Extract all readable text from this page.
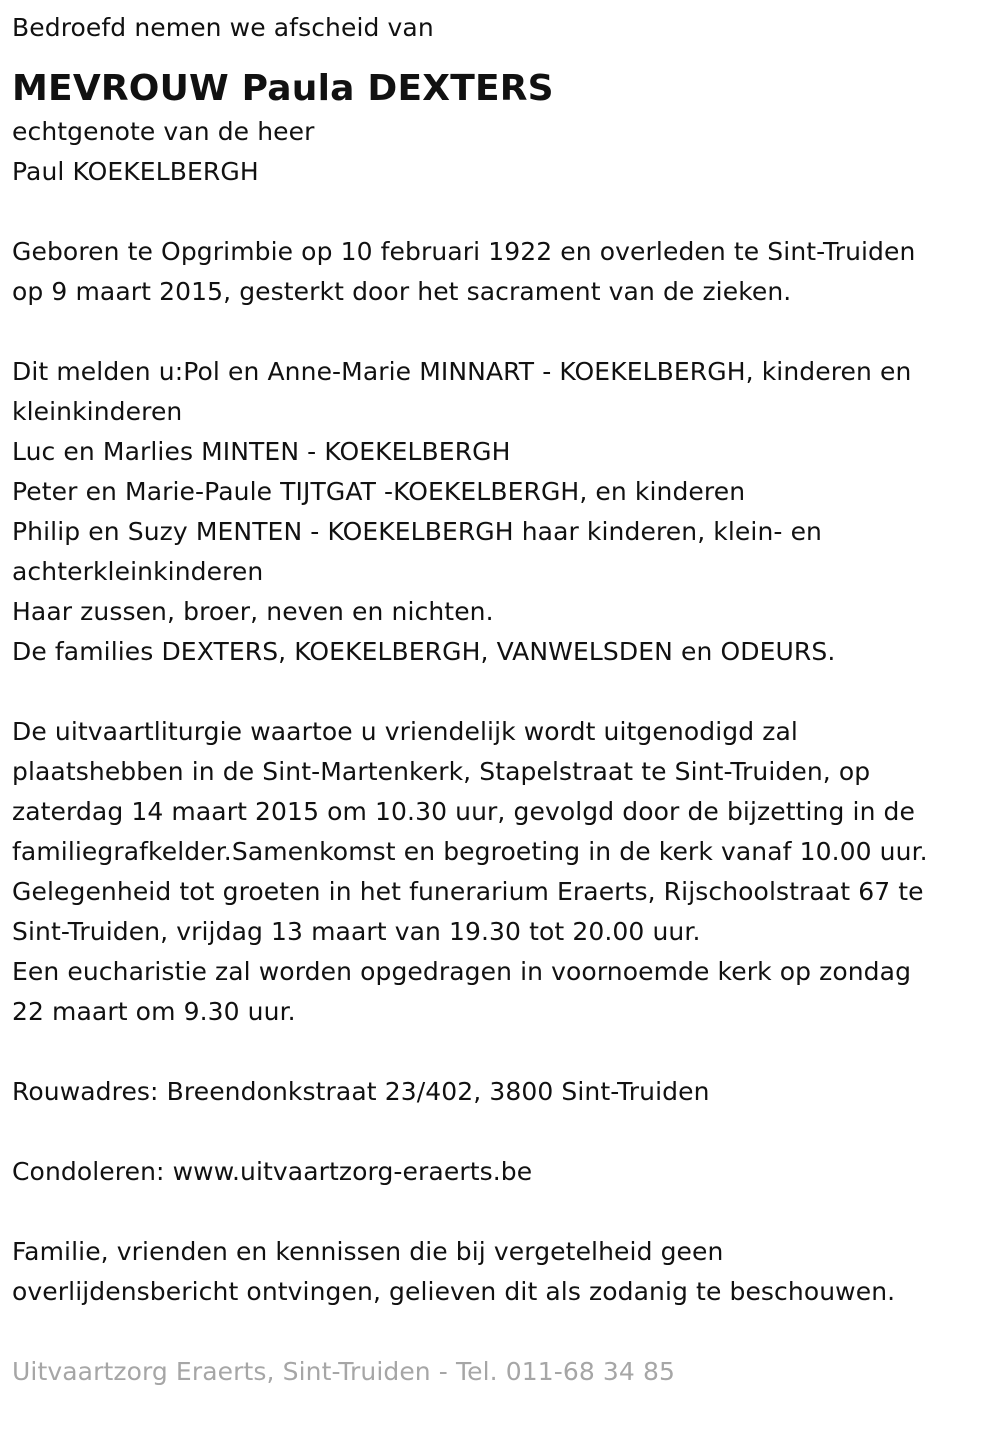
Bedroefd nemen we afscheid van
MEVROUW Paula DEXTERS
echtgenote van de heer
Paul KOEKELBERGH
Geboren te Opgrimbie op 10 februari 1922 en overleden te Sint-Truiden
op 9 maart 2015, gesterkt door het sacrament van de zieken.
Dit melden u:Pol en Anne-Marie MINNART - KOEKELBERGH, kinderen en
kleinkinderen
Luc en Marlies MINTEN - KOEKELBERGH
Peter en Marie-Paule TIJTGAT -KOEKELBERGH, en kinderen
Philip en Suzy MENTEN - KOEKELBERGH haar kinderen, klein- en
achterkleinkinderen
Haar zussen, broer, neven en nichten.
De families DEXTERS, KOEKELBERGH, VANWELSDEN en ODEURS.
De uitvaartliturgie waartoe u vriendelijk wordt uitgenodigd zal
plaatshebben in de Sint-Martenkerk, Stapelstraat te Sint-Truiden, op
zaterdag 14 maart 2015 om 10.30 uur, gevolgd door de bijzetting in de
familiegrafkelder.Samenkomst en begroeting in de kerk vanaf 10.00 uur.
Gelegenheid tot groeten in het funerarium Eraerts, Rijschoolstraat 67 te
Sint-Truiden, vrijdag 13 maart van 19.30 tot 20.00 uur.
Een eucharistie zal worden opgedragen in voornoemde kerk op zondag
22 maart om 9.30 uur.
Rouwadres: Breendonkstraat 23/402, 3800 Sint-Truiden
Condoleren: www.uitvaartzorg-eraerts.be
Familie, vrienden en kennissen die bij vergetelheid geen
overlijdensbericht ontvingen, gelieven dit als zodanig te beschouwen.
Uitvaartzorg Eraerts, Sint-Truiden - Tel. 011-68 34 85
